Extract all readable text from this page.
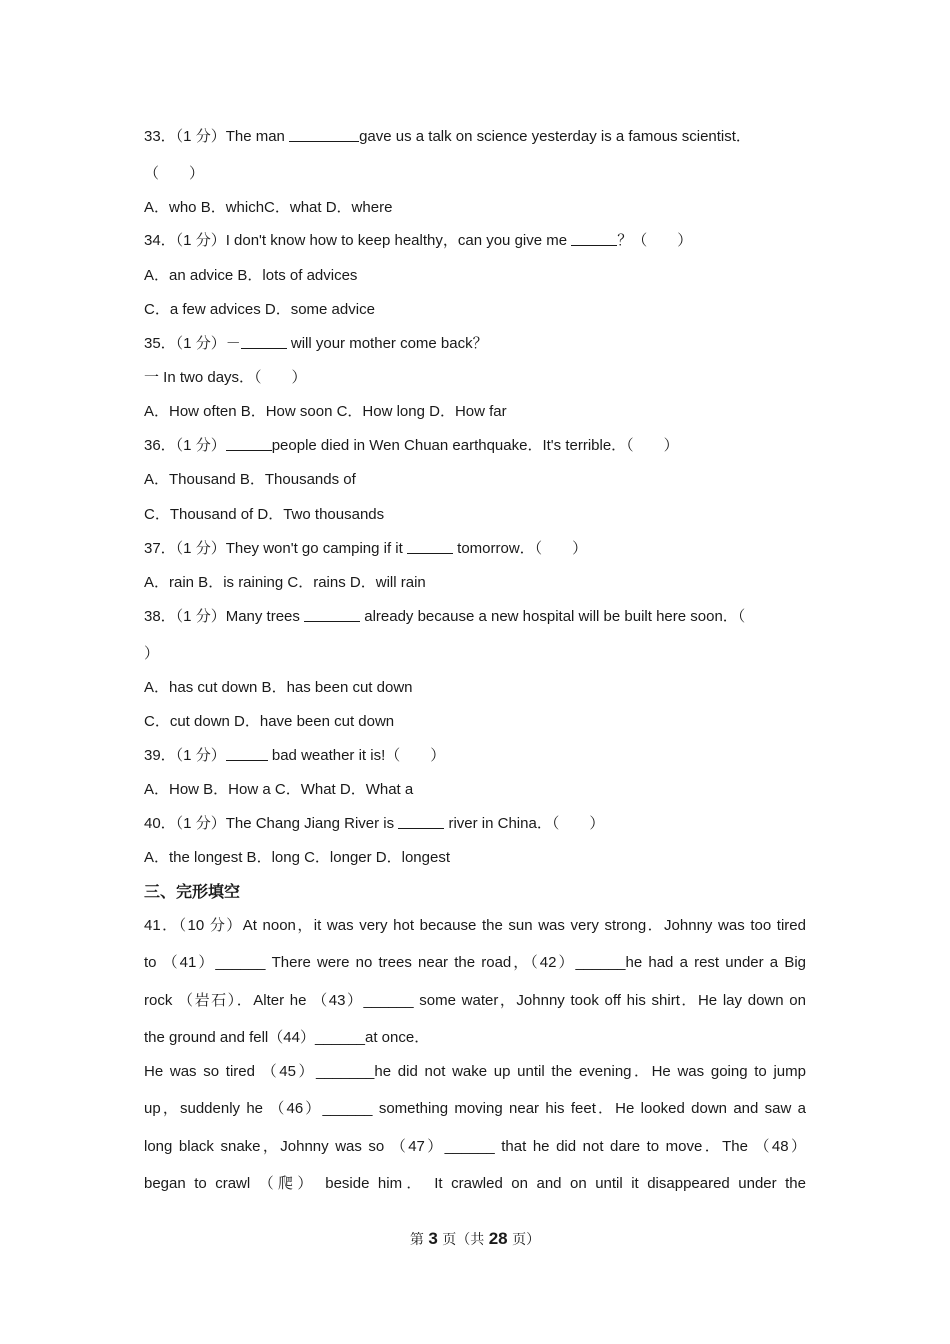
33．（1 分）The man	gave us a talk on science yesterday is a famous scientist．
（　　）
A．who B．whichC．what D．where
34．（1 分）I don't know how to keep healthy，can you give me	？（　　）
A．an advice B．lots of advices
C．a few advices D．some advice
35．（1 分）－	will your mother come back？
一 In two days．（　　）
A．How often B．How soon C．How long D．How far
36．（1 分）	people died in Wen Chuan earthquake．It's terrible．（　　）
A．Thousand B．Thousands of
C．Thousand of D．Two thousands
37．（1 分）They won't go camping if it	tomorrow．（　　）
A．rain B．is raining C．rains D．will rain
38．（1 分）Many trees	already because a new hospital will be built here soon．（
）
A．has cut down B．has been cut down
C．cut down D．have been cut down
39．（1 分）	bad weather it is!（　　）
A．How B．How a C．What D．What a
40．（1 分）The Chang Jiang River is	river in China．（　　）
A．the longest B．long C．longer D．longest
三、完形填空
41．（10 分）At noon，it was very hot because the sun was very strong．Johnny was too tired
to （41）______ There were no trees near the road，（42）______he had a rest under a Big
rock （岩石）．Alter he （43）______ some water，Johnny took off his shirt．He lay down on
the ground and fell（44）______at once．
He was so tired （45）_______he did not wake up until the evening．He was going to jump
up，suddenly he （46）______ something moving near his feet．He looked down and saw a
long black snake，Johnny was so （47）______ that he did not dare to move．The （48）
began to crawl （爬） beside him． It crawled on and on until it disappeared under the
第 3 页（共 28 页）
